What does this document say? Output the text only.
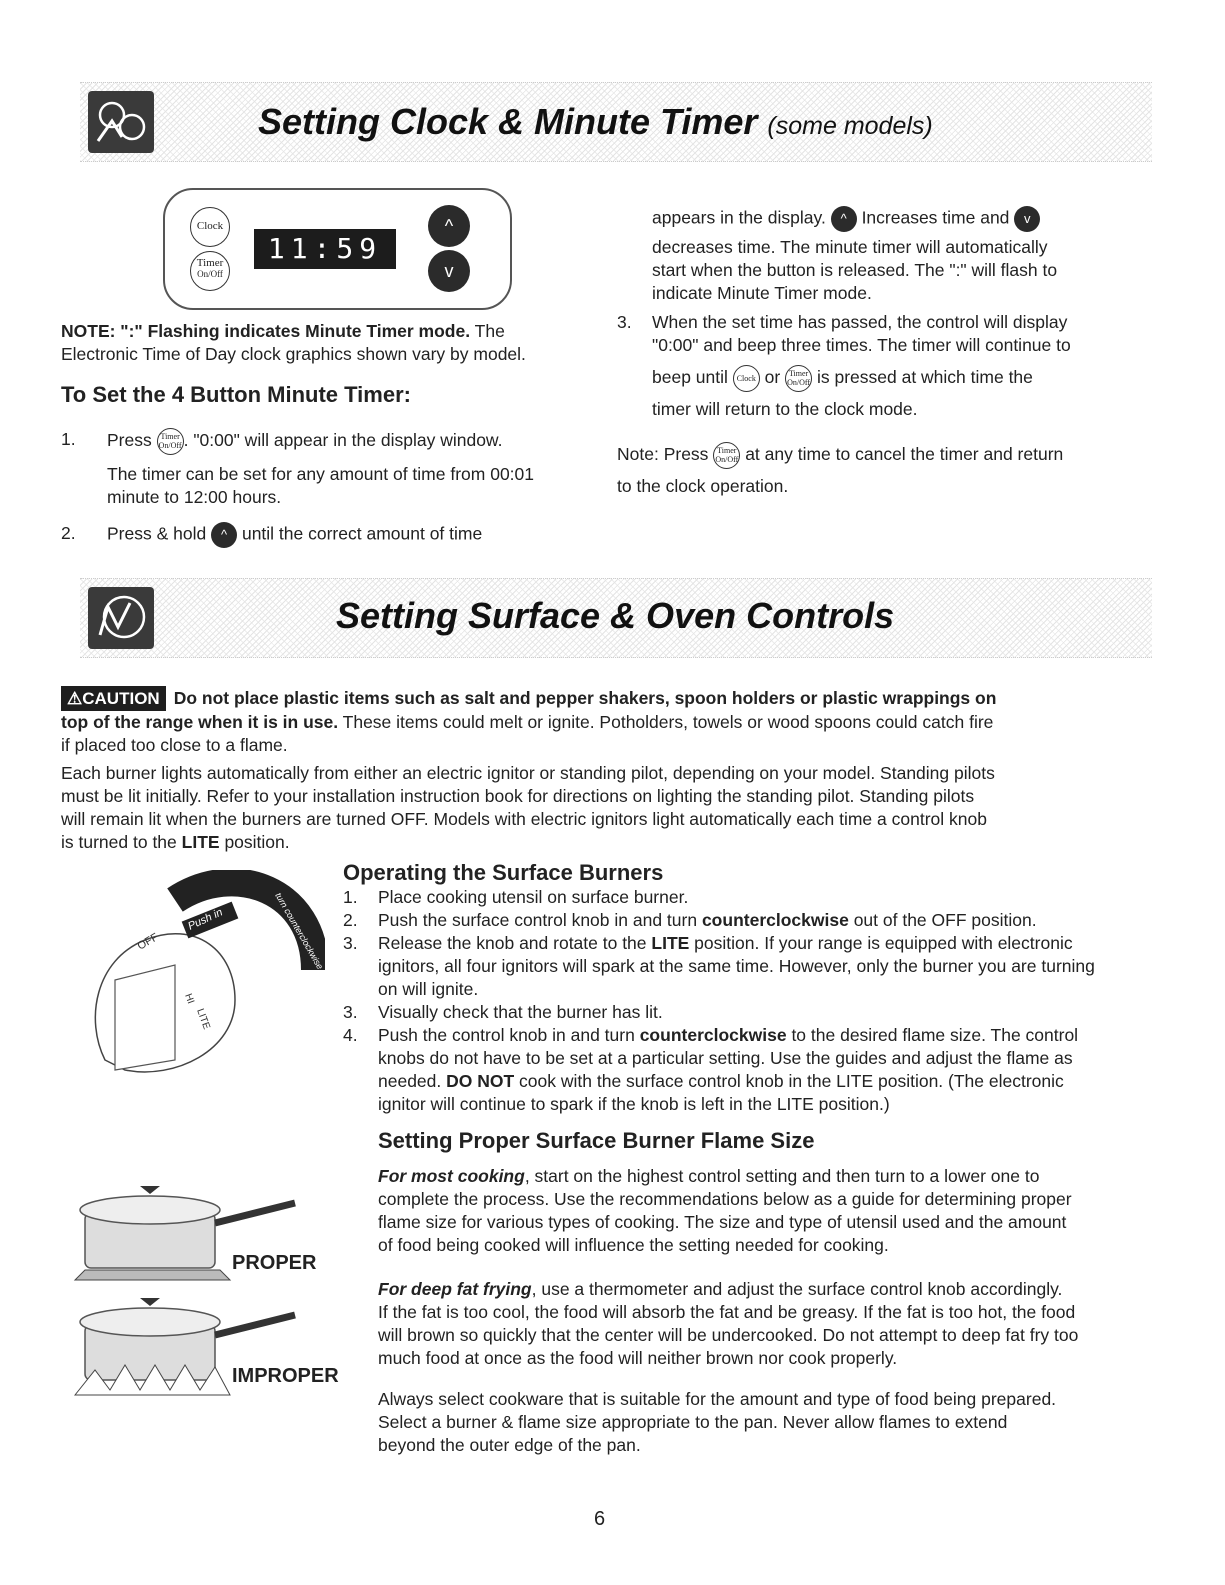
Setting Clock & Minute Timer (some models)
Clock
Timer
On/Off
11:59
^
v
NOTE: ":" Flashing indicates Minute Timer mode. The
Electronic Time of Day clock graphics shown vary by model.
To Set the 4 Button Minute Timer:
1.	Press Timer
On/Off . "0:00" will appear in the display window.
The timer can be set for any amount of time from 00:01
minute to 12:00 hours.
2.	Press & hold ^ until the correct amount of time
appears in the display. ^ Increases time and v
decreases time. The minute timer will automatically
start when the button is released. The ":" will flash to
indicate Minute Timer mode.
3.	When the set time has passed, the control will display
"0:00" and beep three times. The timer will continue to
beep until Clock or Timer
On/Off is pressed at which time the
timer will return to the clock mode.
Note: Press Timer
On/Off at any time to cancel the timer and return
to the clock operation.
Setting Surface & Oven Controls
⚠CAUTION Do not place plastic items such as salt and pepper shakers, spoon holders or plastic wrappings on
top of the range when it is in use. These items could melt or ignite. Potholders, towels or wood spoons could catch fire
if placed too close to a flame.
Each burner lights automatically from either an electric ignitor or standing pilot, depending on your model. Standing pilots
must be lit initially. Refer to your installation instruction book for directions on lighting the standing pilot. Standing pilots
will remain lit when the burners are turned OFF. Models with electric ignitors light automatically each time a control knob
is turned to the LITE position.
OFF
HI
LITE
Push in	turn counterclockwise
Operating the Surface Burners
1. Place cooking utensil on surface burner.
2. Push the surface control knob in and turn counterclockwise out of the OFF position.
3. Release the knob and rotate to the LITE position. If your range is equipped with electronic
ignitors, all four ignitors will spark at the same time. However, only the burner you are turning
on will ignite.
3. Visually check that the burner has lit.
4. Push the control knob in and turn counterclockwise to the desired flame size. The control
knobs do not have to be set at a particular setting. Use the guides and adjust the flame as
needed. DO NOT cook with the surface control knob in the LITE position. (The electronic
ignitor will continue to spark if the knob is left in the LITE position.)
Setting Proper Surface Burner Flame Size
For most cooking, start on the highest control setting and then turn to a lower one to
complete the process. Use the recommendations below as a guide for determining proper
flame size for various types of cooking. The size and type of utensil used and the amount
of food being cooked will influence the setting needed for cooking.
For deep fat frying, use a thermometer and adjust the surface control knob accordingly.
If the fat is too cool, the food will absorb the fat and be greasy. If the fat is too hot, the food
will brown so quickly that the center will be undercooked. Do not attempt to deep fat fry too
much food at once as the food will neither brown nor cook properly.
Always select cookware that is suitable for the amount and type of food being prepared.
Select a burner & flame size appropriate to the pan. Never allow flames to extend
beyond the outer edge of the pan.
PROPER
IMPROPER
6
